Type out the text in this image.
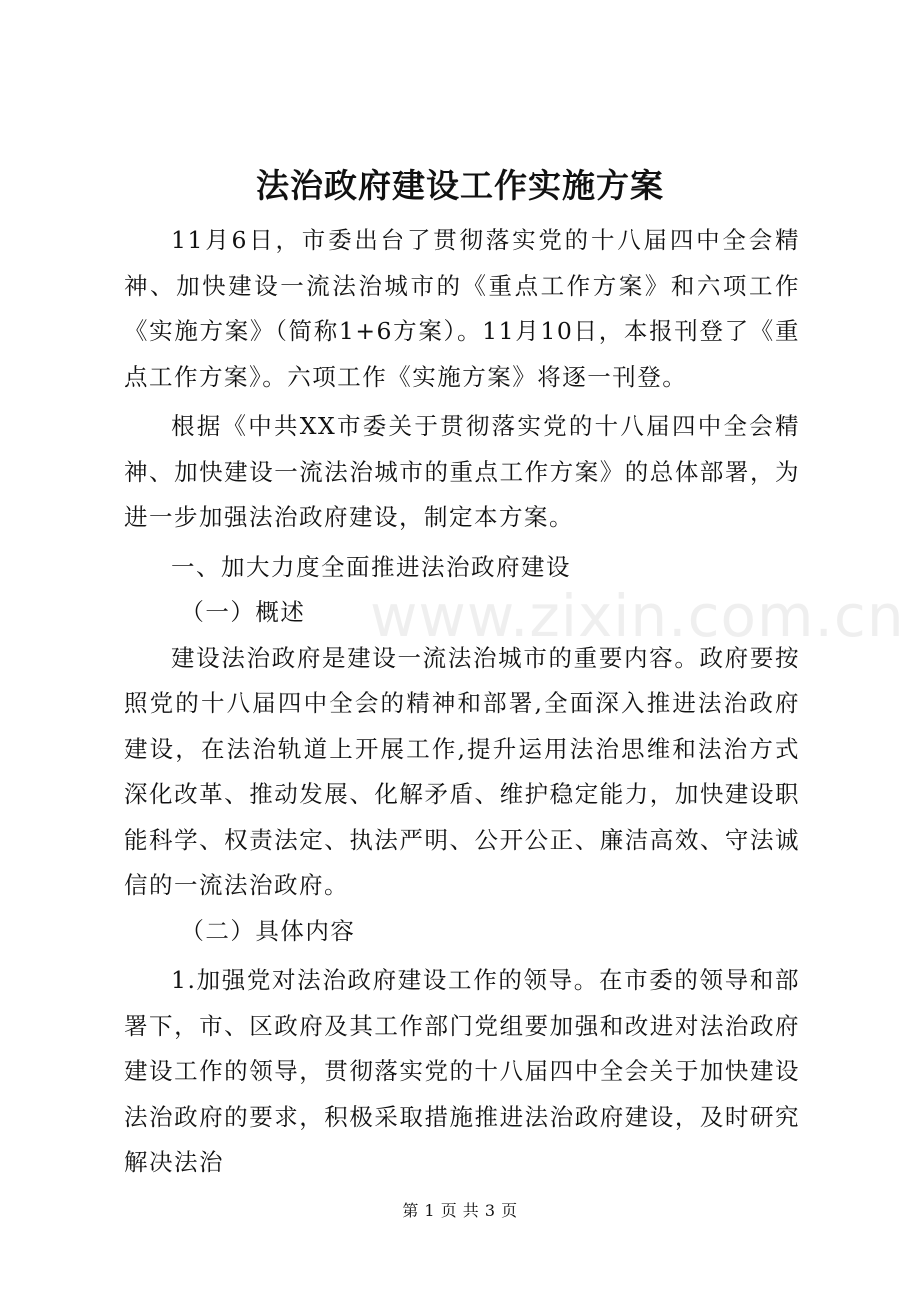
www.zixin.com.cn
法治政府建设工作实施方案

11月6日，市委出台了贯彻落实党的十八届四中全会精神、加快建设一流法治城市的《重点工作方案》和六项工作《实施方案》（简称1+6方案）。11月10日，本报刊登了《重点工作方案》。六项工作《实施方案》将逐一刊登。

根据《中共XX市委关于贯彻落实党的十八届四中全会精神、加快建设一流法治城市的重点工作方案》的总体部署，为进一步加强法治政府建设，制定本方案。

一、加大力度全面推进法治政府建设

（一）概述

建设法治政府是建设一流法治城市的重要内容。政府要按照党的十八届四中全会的精神和部署,全面深入推进法治政府建设，在法治轨道上开展工作,提升运用法治思维和法治方式深化改革、推动发展、化解矛盾、维护稳定能力，加快建设职能科学、权责法定、执法严明、公开公正、廉洁高效、守法诚信的一流法治政府。

（二）具体内容

1.加强党对法治政府建设工作的领导。在市委的领导和部署下，市、区政府及其工作部门党组要加强和改进对法治政府建设工作的领导，贯彻落实党的十八届四中全会关于加快建设法治政府的要求，积极采取措施推进法治政府建设，及时研究解决法治

第 1 页 共 3 页
